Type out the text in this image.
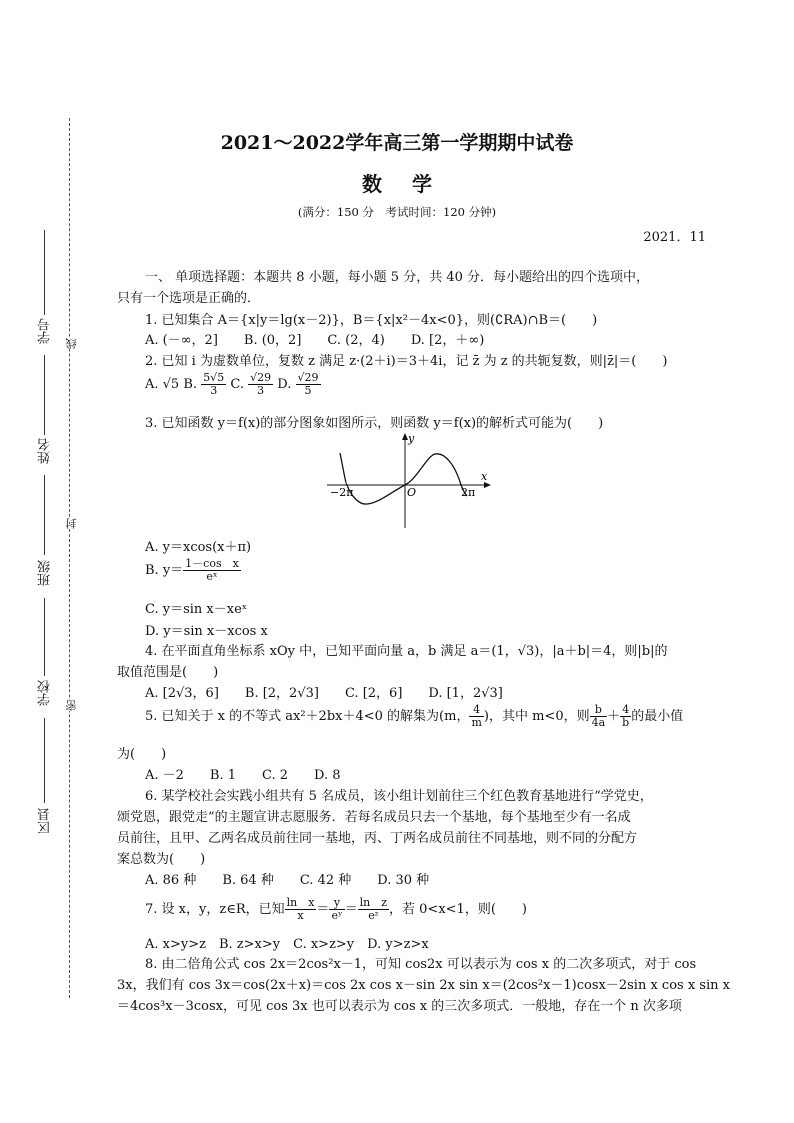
学号
姓名
班级
学校
区县
线
封
密
2021～2022学年高三第一学期期中试卷
数学
(满分：150 分　考试时间：120 分钟)
2021．11
一、 单项选择题：本题共 8 小题，每小题 5 分，共 40 分．每小题给出的四个选项中，
只有一个选项是正确的．
1. 已知集合 A＝{x|y＝lg(x－2)}，B＝{x|x²－4x<0}，则(∁RA)∩B＝(　　)
A. (－∞，2]　　B. (0，2]　　C. (2，4)　　D. [2，＋∞)
2. 已知 i 为虚数单位，复数 z 满足 z·(2＋i)＝3＋4i，记 z̄ 为 z 的共轭复数，则|z̄|＝(　　)
A. √5 B. $\frac{5√5}{3} C$. $\frac{√29}{3} D$. $\frac{√29}{5}$
3. 已知函数 y＝f(x)的部分图象如图所示，则函数 y＝f(x)的解析式可能为(　　)
y
x
O
−2π	2π
A. y＝xcos(x＋π)
B. $y= \frac{\text{1－cos　x}}{\text{eˣ}}$
C. y＝sin x－xeˣ
D. y＝sin x－xcos x
4. 在平面直角坐标系 xOy 中，已知平面向量 a，b 满足 a＝(1，√3)，|a＋b|＝4，则|b|的
取值范围是(　　)
A. [2√3，6]　　B. [2，2√3]　　C. [2，6]　　D. [1，2√3]
5. 已知关于 x 的不等式 ax²＋2bx＋4<0 的解集为(m， $\frac{4}{m}$ )，其中 m<0，则 $\frac{b}{4a} + \frac{4}{b}$ 的最小值
为(　　)
A. －2　　B. 1　　C. 2　　D. 8
6. 某学校社会实践小组共有 5 名成员，该小组计划前往三个红色教育基地进行“学党史，
颂党恩，跟党走”的主题宣讲志愿服务．若每名成员只去一个基地，每个基地至少有一名成
员前往，且甲、乙两名成员前往同一基地，丙、丁两名成员前往不同基地，则不同的分配方
案总数为(　　)
A. 86 种　　B. 64 种　　C. 42 种　　D. 30 种
7. 设 x，y，z∈R，已知 $\frac{\text{ln　x}}{x} = \frac{y}{\text{eʸ}} = \frac{\text{ln　z}}{\text{eᶻ}}$ ，若 0<x<1，则(　　)
A. x>y>z　B. z>x>y　C. x>z>y　D. y>z>x
8. 由二倍角公式 cos 2x＝2cos²x－1，可知 cos2x 可以表示为 cos x 的二次多项式，对于 cos
3x，我们有 cos 3x＝cos(2x＋x)＝cos 2x cos x－sin 2x sin x＝(2cos²x－1)cosx－2sin x cos x sin x
＝4cos³x－3cosx，可见 cos 3x 也可以表示为 cos x 的三次多项式．一般地，存在一个 n 次多项
